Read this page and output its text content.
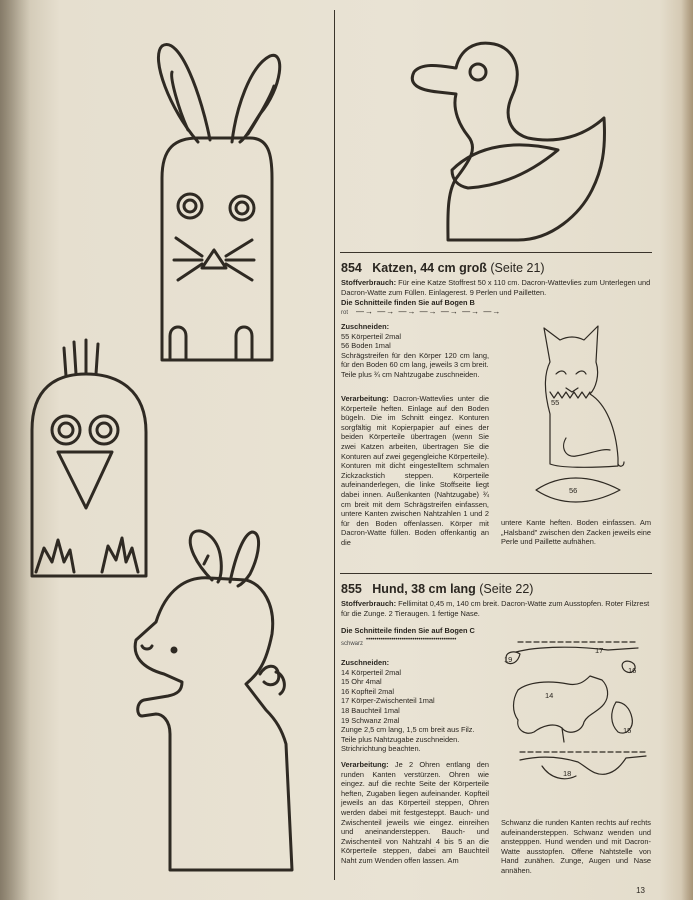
854 Katzen, 44 cm groß (Seite 21)

Stoffverbrauch: Für eine Katze Stoffrest 50 x 110 cm. Dacron-Wattevlies zum Unterlegen und Dacron-Watte zum Füllen. Einlagerest. 9 Perlen und Pailletten.

Die Schnitteile finden Sie auf Bogen B
rot —→ —→ —→ —→ —→ —→ —→

Zuschneiden:

55 Körperteil 2mal

56 Boden 1mal

Schrägstreifen für den Körper 120 cm lang, für den Boden 60 cm lang, jeweils 3 cm breit.

Teile plus ¾ cm Nahtzugabe zuschneiden.

Verarbeitung: Dacron-Wattevlies unter die Körperteile heften. Einlage auf den Boden bügeln. Die im Schnitt eingez. Konturen sorgfältig mit Kopierpapier auf eines der beiden Körperteile übertragen (wenn Sie zwei Katzen arbeiten, übertragen Sie die Konturen auf zwei gegengleiche Körperteile). Konturen mit dicht eingestelltem schmalen Zickzackstich steppen. Körperteile aufeinanderlegen, die linke Stoffseite liegt dabei innen. Außenkanten (Nahtzugabe) ¾ cm breit mit dem Schrägstreifen einfassen, untere Kanten zwischen Nahtzahlen 1 und 2 für den Boden offenlassen. Körper mit Dacron-Watte füllen. Boden offenkantig an die
55
56
untere Kante heften. Boden einfassen. Am „Halsband" zwischen den Zacken jeweils eine Perle und Paillette aufnähen.
855 Hund, 38 cm lang (Seite 22)

Stoffverbrauch: Fellimitat 0,45 m, 140 cm breit. Dacron-Watte zum Ausstopfen. Roter Filzrest für die Zunge. 2 Tieraugen. 1 fertige Nase.

Die Schnitteile finden Sie auf Bogen C
schwarz
•••••••••••••••••••••••••••••••••••••••••••

Zuschneiden:

14 Körperteil 2mal

15 Ohr 4mal

16 Kopfteil 2mal

17 Körper-Zwischenteil 1mal

18 Bauchteil 1mal

19 Schwanz 2mal

Zunge 2,5 cm lang, 1,5 cm breit aus Filz.

Teile plus Nahtzugabe zuschneiden. Strichrichtung beachten.

Verarbeitung: Je 2 Ohren entlang den runden Kanten verstürzen. Ohren wie eingez. auf die rechte Seite der Körperteile heften, Zugaben liegen aufeinander. Kopfteil jeweils an das Körperteil steppen, Ohren werden dabei mit festgesteppt. Bauch- und Zwischenteil jeweils wie eingez. einreihen und aneinandersteppen. Bauch- und Zwischenteil von Nahtzahl 4 bis 5 an die Körperteile steppen, dabei am Bauchteil Naht zum Wenden offen lassen. Am
19
17
16
14
15
18
Schwanz die runden Kanten rechts auf rechts aufeinandersteppen. Schwanz wenden und anstepppen. Hund wenden und mit Dacron-Watte ausstopfen. Offene Nahtstelle von Hand zunähen. Zunge, Augen und Nase annähen.
13
